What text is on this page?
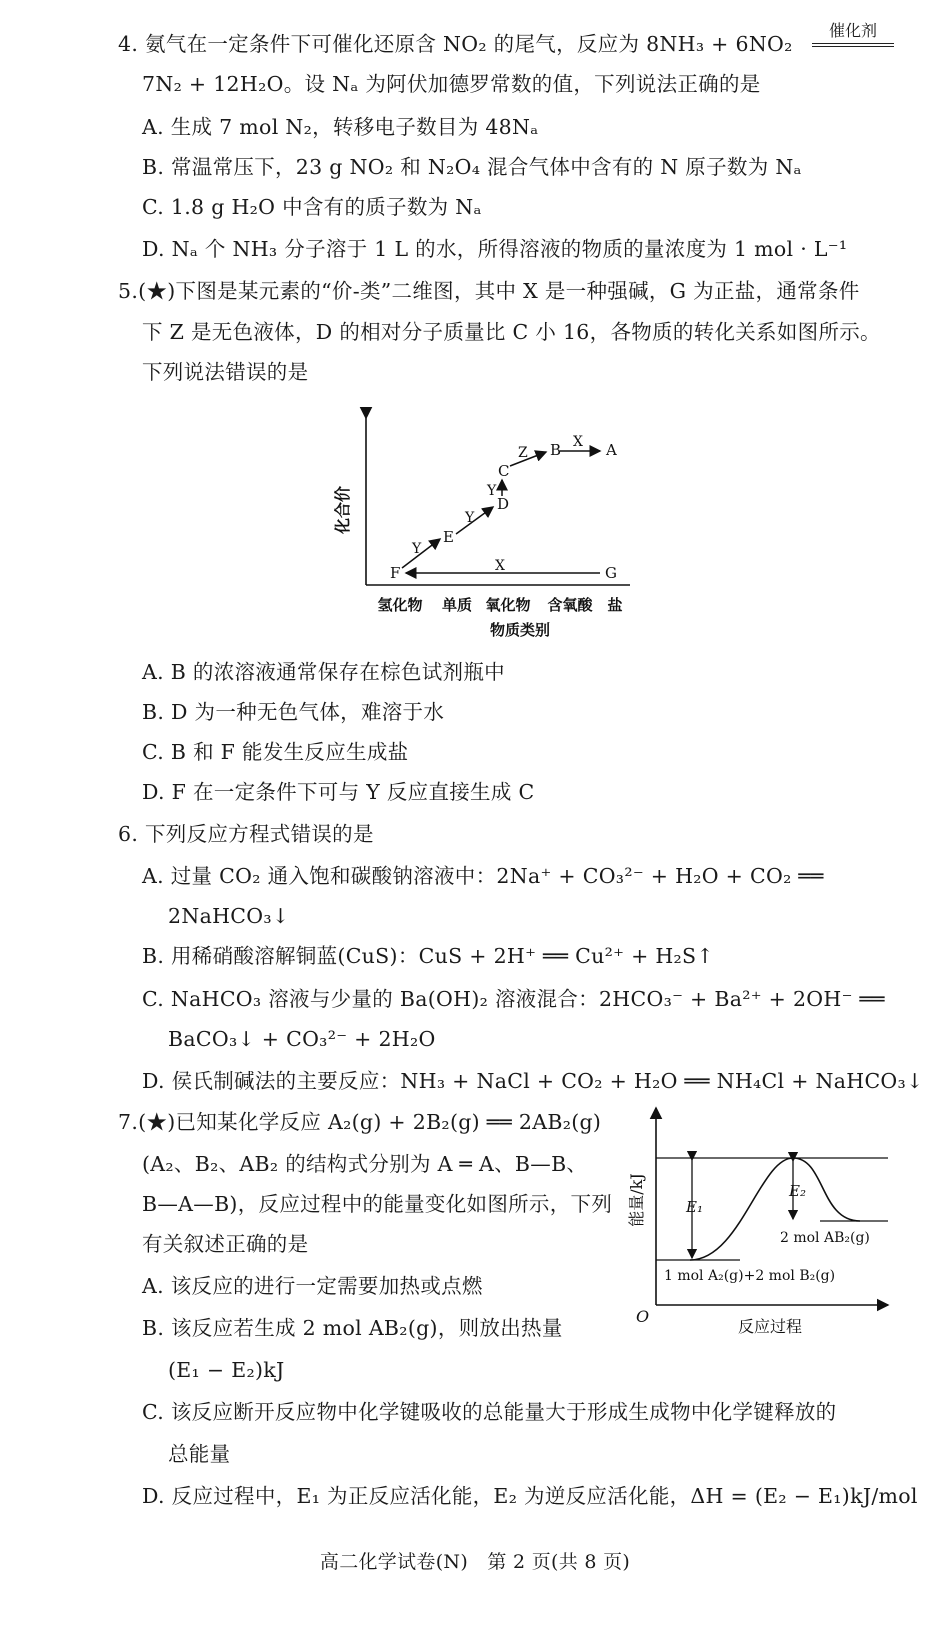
4. 氨气在一定条件下可催化还原含 NO₂ 的尾气，反应为 8NH₃ + 6NO₂
催化剂
7N₂ + 12H₂O。设 Nₐ 为阿伏加德罗常数的值，下列说法正确的是
A. 生成 7 mol N₂，转移电子数目为 48Nₐ
B. 常温常压下，23 g NO₂ 和 N₂O₄ 混合气体中含有的 N 原子数为 Nₐ
C. 1.8 g H₂O 中含有的质子数为 Nₐ
D. Nₐ 个 NH₃ 分子溶于 1 L 的水，所得溶液的物质的量浓度为 1 mol · L⁻¹
5.(★)下图是某元素的“价-类”二维图，其中 X 是一种强碱，G 为正盐，通常条件
下 Z 是无色液体，D 的相对分子质量比 C 小 16，各物质的转化关系如图所示。
下列说法错误的是
化合价
氢化物 单质 氧化物 含氧酸 盐
物质类别
A
B
C
D
E
F	G
X
Z
Y
Y
Y
X
A. B 的浓溶液通常保存在棕色试剂瓶中
B. D 为一种无色气体，难溶于水
C. B 和 F 能发生反应生成盐
D. F 在一定条件下可与 Y 反应直接生成 C
6. 下列反应方程式错误的是
A. 过量 CO₂ 通入饱和碳酸钠溶液中：2Na⁺ + CO₃²⁻ + H₂O + CO₂ ══
2NaHCO₃↓
B. 用稀硝酸溶解铜蓝(CuS)：CuS + 2H⁺ ══ Cu²⁺ + H₂S↑
C. NaHCO₃ 溶液与少量的 Ba(OH)₂ 溶液混合：2HCO₃⁻ + Ba²⁺ + 2OH⁻ ══
BaCO₃↓ + CO₃²⁻ + 2H₂O
D. 侯氏制碱法的主要反应：NH₃ + NaCl + CO₂ + H₂O ══ NH₄Cl + NaHCO₃↓
7.(★)已知某化学反应 A₂(g) + 2B₂(g) ══ 2AB₂(g)
(A₂、B₂、AB₂ 的结构式分别为 A ═ A、B—B、
B—A—B)，反应过程中的能量变化如图所示，下列
有关叙述正确的是
能量/kJ
O
反应过程
E₁
E₂
2 mol AB₂(g)
1 mol A₂(g)+2 mol B₂(g)
A. 该反应的进行一定需要加热或点燃
B. 该反应若生成 2 mol AB₂(g)，则放出热量
(E₁ − E₂)kJ
C. 该反应断开反应物中化学键吸收的总能量大于形成生成物中化学键释放的
总能量
D. 反应过程中，E₁ 为正反应活化能，E₂ 为逆反应活化能，ΔH = (E₂ − E₁)kJ/mol
高二化学试卷(N)　第 2 页(共 8 页)
